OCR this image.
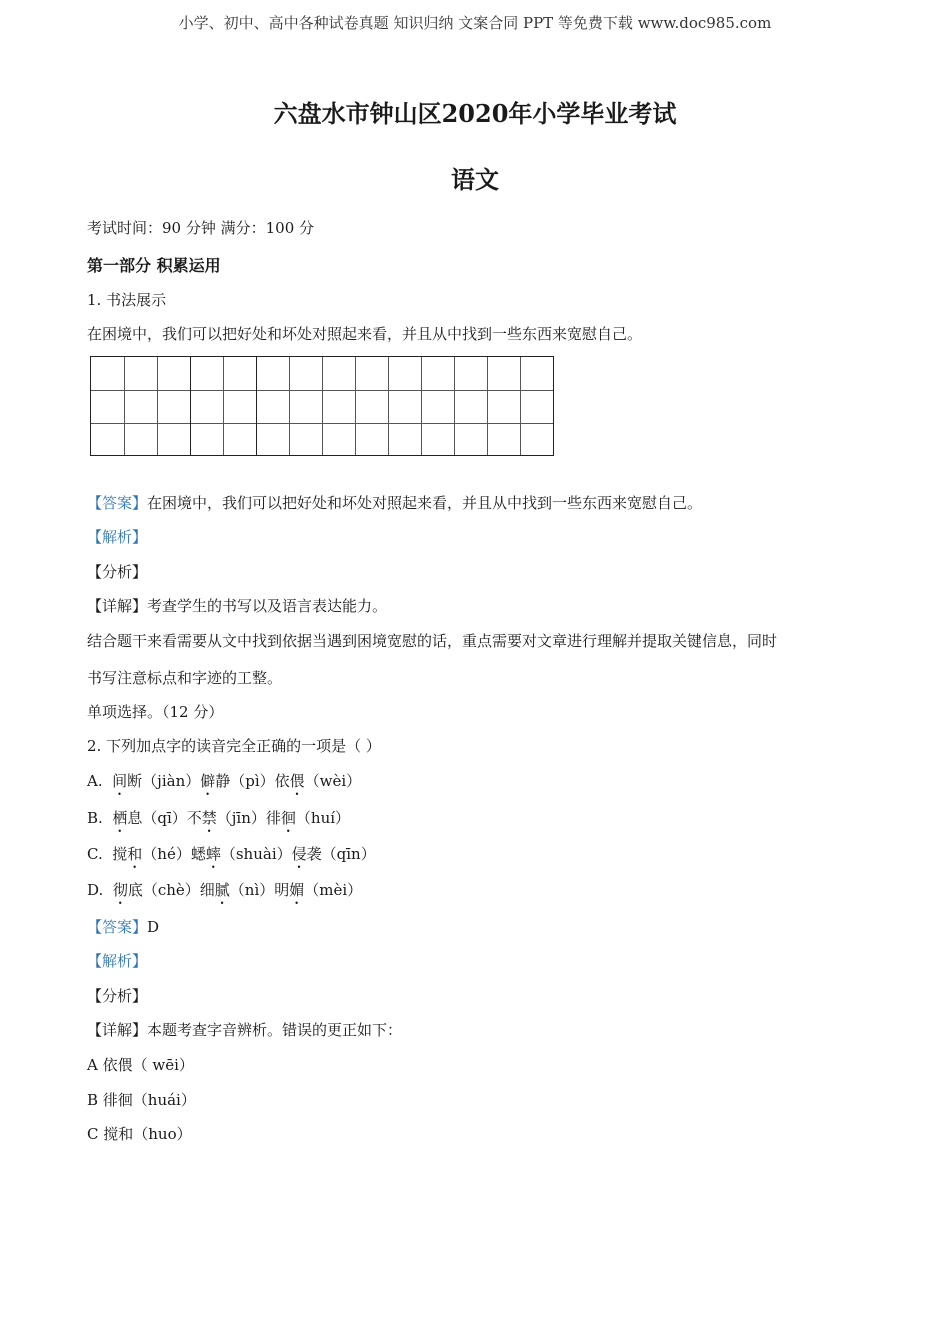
小学、初中、高中各种试卷真题 知识归纳 文案合同 PPT 等免费下载 www.doc985.com
六盘水市钟山区2020年小学毕业考试
语文
考试时间：90 分钟 满分：100 分
第一部分 积累运用
1. 书法展示
在困境中，我们可以把好处和坏处对照起来看，并且从中找到一些东西来宽慰自己。
【答案】在困境中，我们可以把好处和坏处对照起来看，并且从中找到一些东西来宽慰自己。
【解析】
【分析】
【详解】考查学生的书写以及语言表达能力。
结合题干来看需要从文中找到依据当遇到困境宽慰的话，重点需要对文章进行理解并提取关键信息，同时
书写注意标点和字迹的工整。
单项选择。（12 分）
2. 下列加点字的读音完全正确的一项是（ ）
A. 间断（jiàn）僻静（pì）依偎（wèi）
B. 栖息（qī）不禁（jīn）徘徊（huí）
C. 搅和（hé）蟋蟀（shuài）侵袭（qīn）
D. 彻底（chè）细腻（nì）明媚（mèi）
【答案】D
【解析】
【分析】
【详解】本题考查字音辨析。错误的更正如下：
A 依偎（ wēi）
B 徘徊（huái）
C 搅和（huo）
